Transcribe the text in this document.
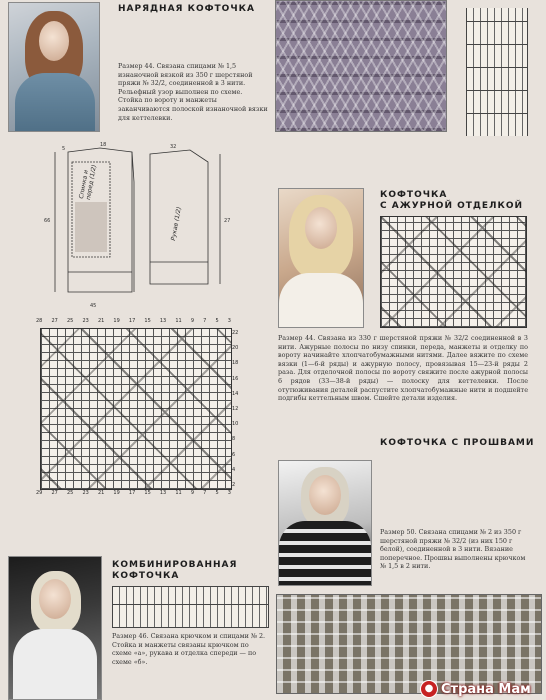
НАРЯДНАЯ КОФТОЧКА
Размер 44. Связана спицами № 1,5 изнаночной вязкой из 350 г шерстяной пряжи № 32/2, соединенной в 3 нити. Рельефный узор выполнен по схеме. Стойка по вороту и манжеты заканчиваются полоской изнаночной вязки для кеттелевки.
5
18	32
66	27
45
Спинка и перед (1/2)
Рукав (1/2)
28 27 25 23 21 19 17 15 13 11 9 7 5 3
22
20
18
16
14
12
10
8
6
4
2
29 27 25 23 21 19 17 15 13 11 9 7 5 3
КОФТОЧКА
С АЖУРНОЙ ОТДЕЛКОЙ
Размер 44. Связана из 330 г шерстяной пряжи № 32/2 соединенной в 3 нити. Ажурные полосы по низу спинки, переда, манжеты и отделку по вороту начинайте хлопчатобумажными нитями. Далее вяжите по схеме вязки (1—6-й ряды) и ажурную полосу, провязывая 15—23-й ряды 2 раза. Для отделочной полосы по вороту свяжите после ажурной полосы 6 рядов (33—38-й ряды) — полоску для кеттелевки. После отутюживания деталей распустите хлопчатобумажные нити и подшейте подгибы кеттельным швом. Сшейте детали изделия.
КОФТОЧКА С ПРОШВАМИ
Размер 50. Связана спицами № 2 из 350 г шерстяной пряжи № 32/2 (из них 150 г белой), соединенной в 3 нити. Вязание поперечное. Прошвы выполнены крючком № 1,5 в 2 нити.
КОМБИНИРОВАННАЯ
КОФТОЧКА
Размер 46. Связана крючком и спицами № 2. Стойка и манжеты связаны крючком по схеме «а», рукава и отделка спереди — по схеме «б».
● Страна Мам
